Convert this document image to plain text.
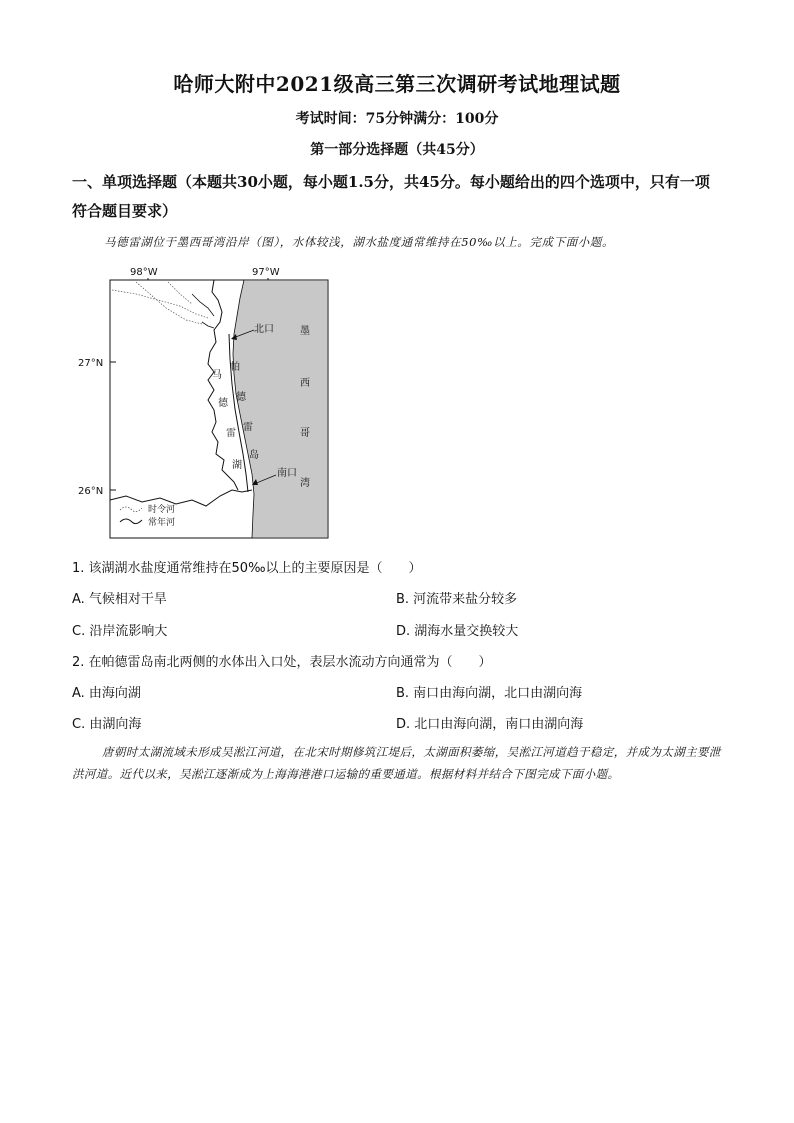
哈师大附中2021级高三第三次调研考试地理试题
考试时间：75分钟满分：100分
第一部分选择题（共45分）
一、单项选择题（本题共30小题，每小题1.5分，共45分。每小题给出的四个选项中，只有一项符合题目要求）
马德雷湖位于墨西哥湾沿岸（图），水体较浅，湖水盐度通常维持在50‰以上。完成下面小题。
98°W	97°W
27°N
26°N
北口
南口
墨
西
哥
湾
马
德
雷
湖
帕
德
雷
岛
时令河
常年河
1. 该湖湖水盐度通常维持在50‰以上的主要原因是（　　）
A. 气候相对干旱	B. 河流带来盐分较多
C. 沿岸流影响大	D. 湖海水量交换较大
2. 在帕德雷岛南北两侧的水体出入口处，表层水流动方向通常为（　　）
A. 由海向湖	B. 南口由海向湖，北口由湖向海
C. 由湖向海	D. 北口由海向湖，南口由湖向海
唐朝时太湖流域未形成吴淞江河道，在北宋时期修筑江堤后，太湖面积萎缩，吴淞江河道趋于稳定，并成为太湖主要泄洪河道。近代以来，吴淞江逐渐成为上海海港港口运输的重要通道。根据材料并结合下图完成下面小题。
